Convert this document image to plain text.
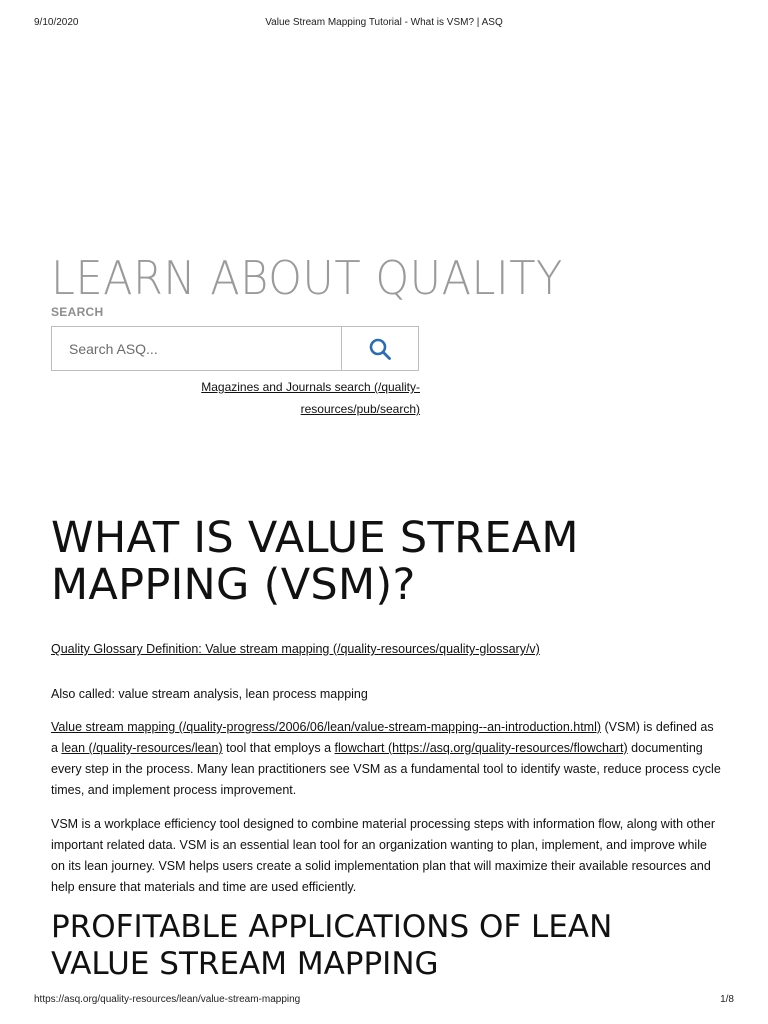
9/10/2020	Value Stream Mapping Tutorial - What is VSM? | ASQ
LEARN ABOUT QUALITY
SEARCH
Search ASQ...
Magazines and Journals search (/quality-
resources/pub/search)
WHAT IS VALUE STREAM
MAPPING (VSM)?
Quality Glossary Definition: Value stream mapping (/quality-resources/quality-glossary/v)

Also called: value stream analysis, lean process mapping

Value stream mapping (/quality-progress/2006/06/lean/value-stream-mapping--an-introduction.html) (VSM) is defined as a lean (/quality-resources/lean) tool that employs a flowchart (https://asq.org/quality-resources/flowchart) documenting every step in the process. Many lean practitioners see VSM as a fundamental tool to identify waste, reduce process cycle times, and implement process improvement.

VSM is a workplace efficiency tool designed to combine material processing steps with information flow, along with other important related data. VSM is an essential lean tool for an organization wanting to plan, implement, and improve while on its lean journey. VSM helps users create a solid implementation plan that will maximize their available resources and help ensure that materials and time are used efficiently.

PROFITABLE APPLICATIONS OF LEAN
VALUE STREAM MAPPING
https://asq.org/quality-resources/lean/value-stream-mapping	1/8
